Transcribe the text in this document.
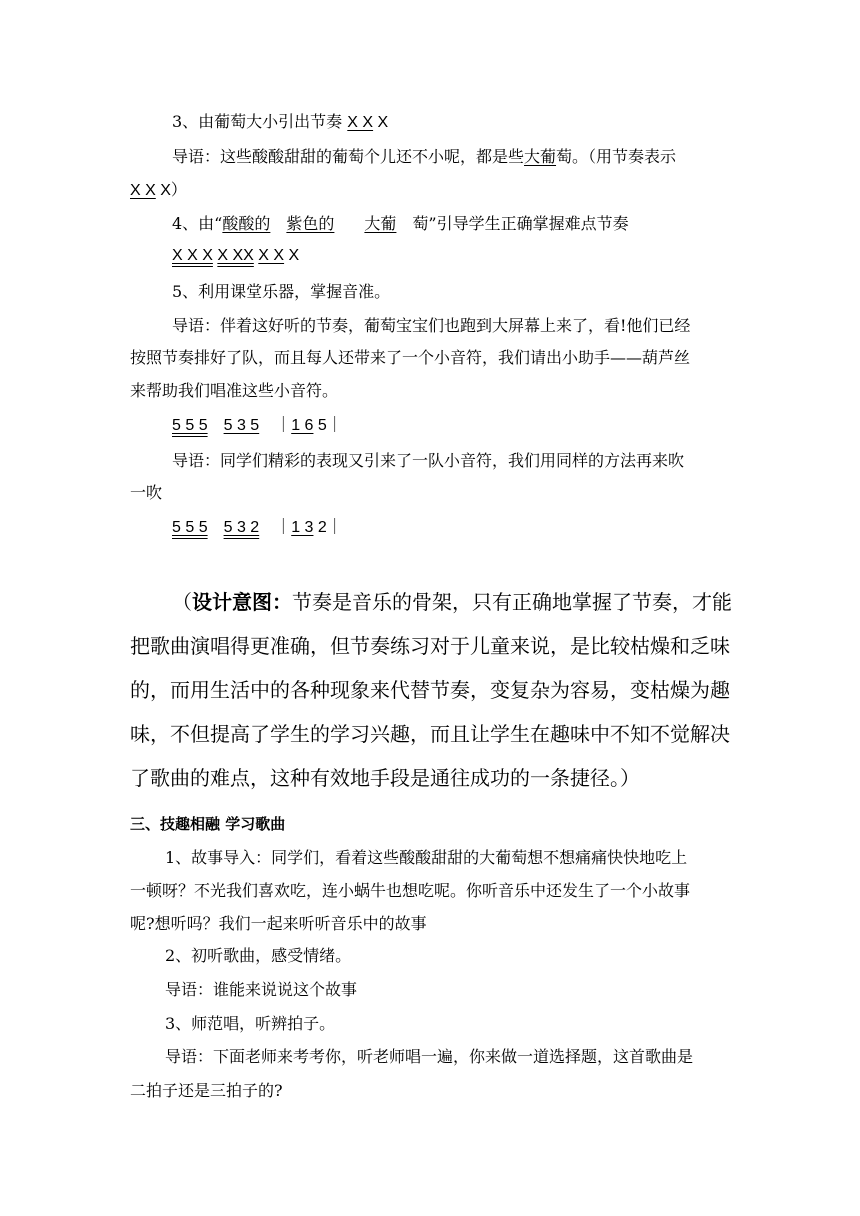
3、由葡萄大小引出节奏 X X X
导语：这些酸酸甜甜的葡萄个儿还不小呢，都是些大葡萄。（用节奏表示
X X X）
4、由“酸酸的 紫色的 大葡 萄”引导学生正确掌握难点节奏
X X X X XX X X X
5、利用课堂乐器，掌握音准。
导语：伴着这好听的节奏，葡萄宝宝们也跑到大屏幕上来了，看!他们已经
按照节奏排好了队，而且每人还带来了一个小音符，我们请出小助手——葫芦丝
来帮助我们唱准这些小音符。
5 5 5 5 3 5 ｜1 6 5｜
导语：同学们精彩的表现又引来了一队小音符，我们用同样的方法再来吹
一吹
5 5 5 5 3 2 ｜1 3 2｜
（设计意图：节奏是音乐的骨架，只有正确地掌握了节奏，才能
把歌曲演唱得更准确，但节奏练习对于儿童来说，是比较枯燥和乏味
的，而用生活中的各种现象来代替节奏，变复杂为容易，变枯燥为趣
味，不但提高了学生的学习兴趣，而且让学生在趣味中不知不觉解决
了歌曲的难点，这种有效地手段是通往成功的一条捷径。）
三、技趣相融 学习歌曲
1、故事导入：同学们，看着这些酸酸甜甜的大葡萄想不想痛痛快快地吃上
一顿呀？不光我们喜欢吃，连小蜗牛也想吃呢。你听音乐中还发生了一个小故事
呢?想听吗？我们一起来听听音乐中的故事
2、初听歌曲，感受情绪。
导语：谁能来说说这个故事
3、师范唱，听辨拍子。
导语：下面老师来考考你，听老师唱一遍，你来做一道选择题，这首歌曲是
二拍子还是三拍子的?
